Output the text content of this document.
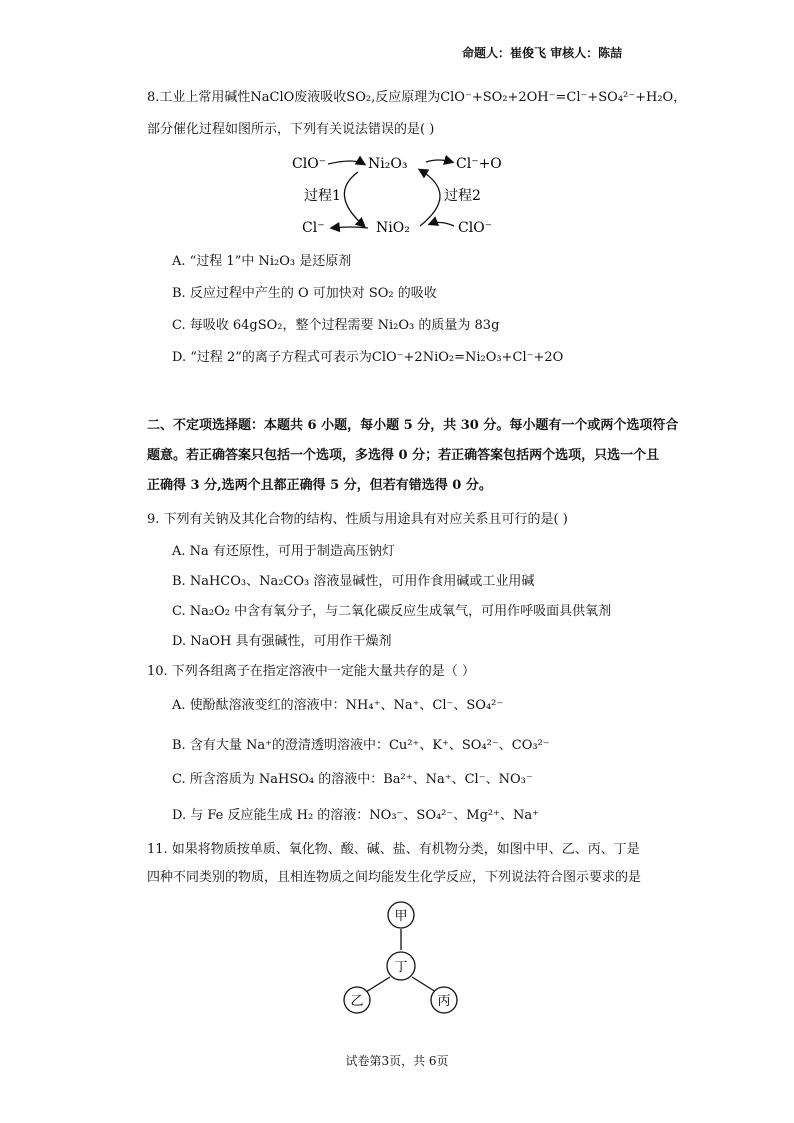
命题人：崔俊飞 审核人：陈喆
8.工业上常用碱性NaClO废液吸收SO₂,反应原理为ClO⁻+SO₂+2OH⁻=Cl⁻+SO₄²⁻+H₂O，
部分催化过程如图所示，下列有关说法错误的是( )
ClO⁻	Ni₂O₃	Cl⁻+O
过程1	过程2
Cl⁻	NiO₂	ClO⁻
A. “过程 1”中 Ni₂O₃ 是还原剂
B. 反应过程中产生的 O 可加快对 SO₂ 的吸收
C. 每吸收 64gSO₂，整个过程需要 Ni₂O₃ 的质量为 83g
D. “过程 2”的离子方程式可表示为ClO⁻+2NiO₂=Ni₂O₃+Cl⁻+2O
二、不定项选择题：本题共 6 小题，每小题 5 分，共 30 分。每小题有一个或两个选项符合
题意。若正确答案只包括一个选项，多选得 0 分；若正确答案包括两个选项，只选一个且
正确得 3 分,选两个且都正确得 5 分，但若有错选得 0 分。
9. 下列有关钠及其化合物的结构、性质与用途具有对应关系且可行的是( )
A. Na 有还原性，可用于制造高压钠灯
B. NaHCO₃、Na₂CO₃ 溶液显碱性，可用作食用碱或工业用碱
C. Na₂O₂ 中含有氧分子，与二氧化碳反应生成氧气，可用作呼吸面具供氧剂
D. NaOH 具有强碱性，可用作干燥剂
10. 下列各组离子在指定溶液中一定能大量共存的是（ ）
A. 使酚酞溶液变红的溶液中：NH₄⁺、Na⁺、Cl⁻、SO₄²⁻
B. 含有大量 Na⁺的澄清透明溶液中：Cu²⁺、K⁺、SO₄²⁻、CO₃²⁻
C. 所含溶质为 NaHSO₄ 的溶液中：Ba²⁺、Na⁺、Cl⁻、NO₃⁻
D. 与 Fe 反应能生成 H₂ 的溶液：NO₃⁻、SO₄²⁻、Mg²⁺、Na⁺
11. 如果将物质按单质、氧化物、酸、碱、盐、有机物分类，如图中甲、乙、丙、丁是
四种不同类别的物质，且相连物质之间均能发生化学反应，下列说法符合图示要求的是
甲
丁
乙	丙
试卷第3页，共 6页
